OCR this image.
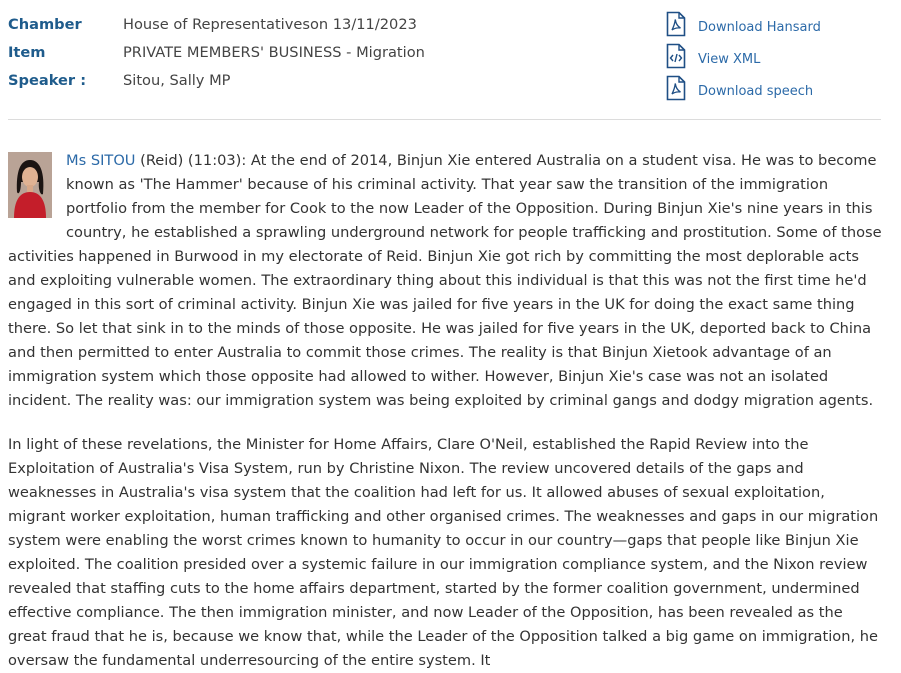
Chamber	House of Representativeson 13/11/2023
Item	PRIVATE MEMBERS' BUSINESS - Migration
Speaker :	Sitou, Sally MP
Download Hansard
View XML
Download speech

Ms SITOU (Reid) (11:03): At the end of 2014, Binjun Xie entered Australia on a student visa. He was to become known as 'The Hammer' because of his criminal activity. That year saw the transition of the immigration portfolio from the member for Cook to the now Leader of the Opposition. During Binjun Xie's nine years in this country, he established a sprawling underground network for people trafficking and prostitution. Some of those activities happened in Burwood in my electorate of Reid. Binjun Xie got rich by committing the most deplorable acts and exploiting vulnerable women. The extraordinary thing about this individual is that this was not the first time he'd engaged in this sort of criminal activity. Binjun Xie was jailed for five years in the UK for doing the exact same thing there. So let that sink in to the minds of those opposite. He was jailed for five years in the UK, deported back to China and then permitted to enter Australia to commit those crimes. The reality is that Binjun Xietook advantage of an immigration system which those opposite had allowed to wither. However, Binjun Xie's case was not an isolated incident. The reality was: our immigration system was being exploited by criminal gangs and dodgy migration agents.

In light of these revelations, the Minister for Home Affairs, Clare O'Neil, established the Rapid Review into the Exploitation of Australia's Visa System, run by Christine Nixon. The review uncovered details of the gaps and weaknesses in Australia's visa system that the coalition had left for us. It allowed abuses of sexual exploitation, migrant worker exploitation, human trafficking and other organised crimes. The weaknesses and gaps in our migration system were enabling the worst crimes known to humanity to occur in our country—gaps that people like Binjun Xie exploited. The coalition presided over a systemic failure in our immigration compliance system, and the Nixon review revealed that staffing cuts to the home affairs department, started by the former coalition government, undermined effective compliance. The then immigration minister, and now Leader of the Opposition, has been revealed as the great fraud that he is, because we know that, while the Leader of the Opposition talked a big game on immigration, he oversaw the fundamental underresourcing of the entire system. It
